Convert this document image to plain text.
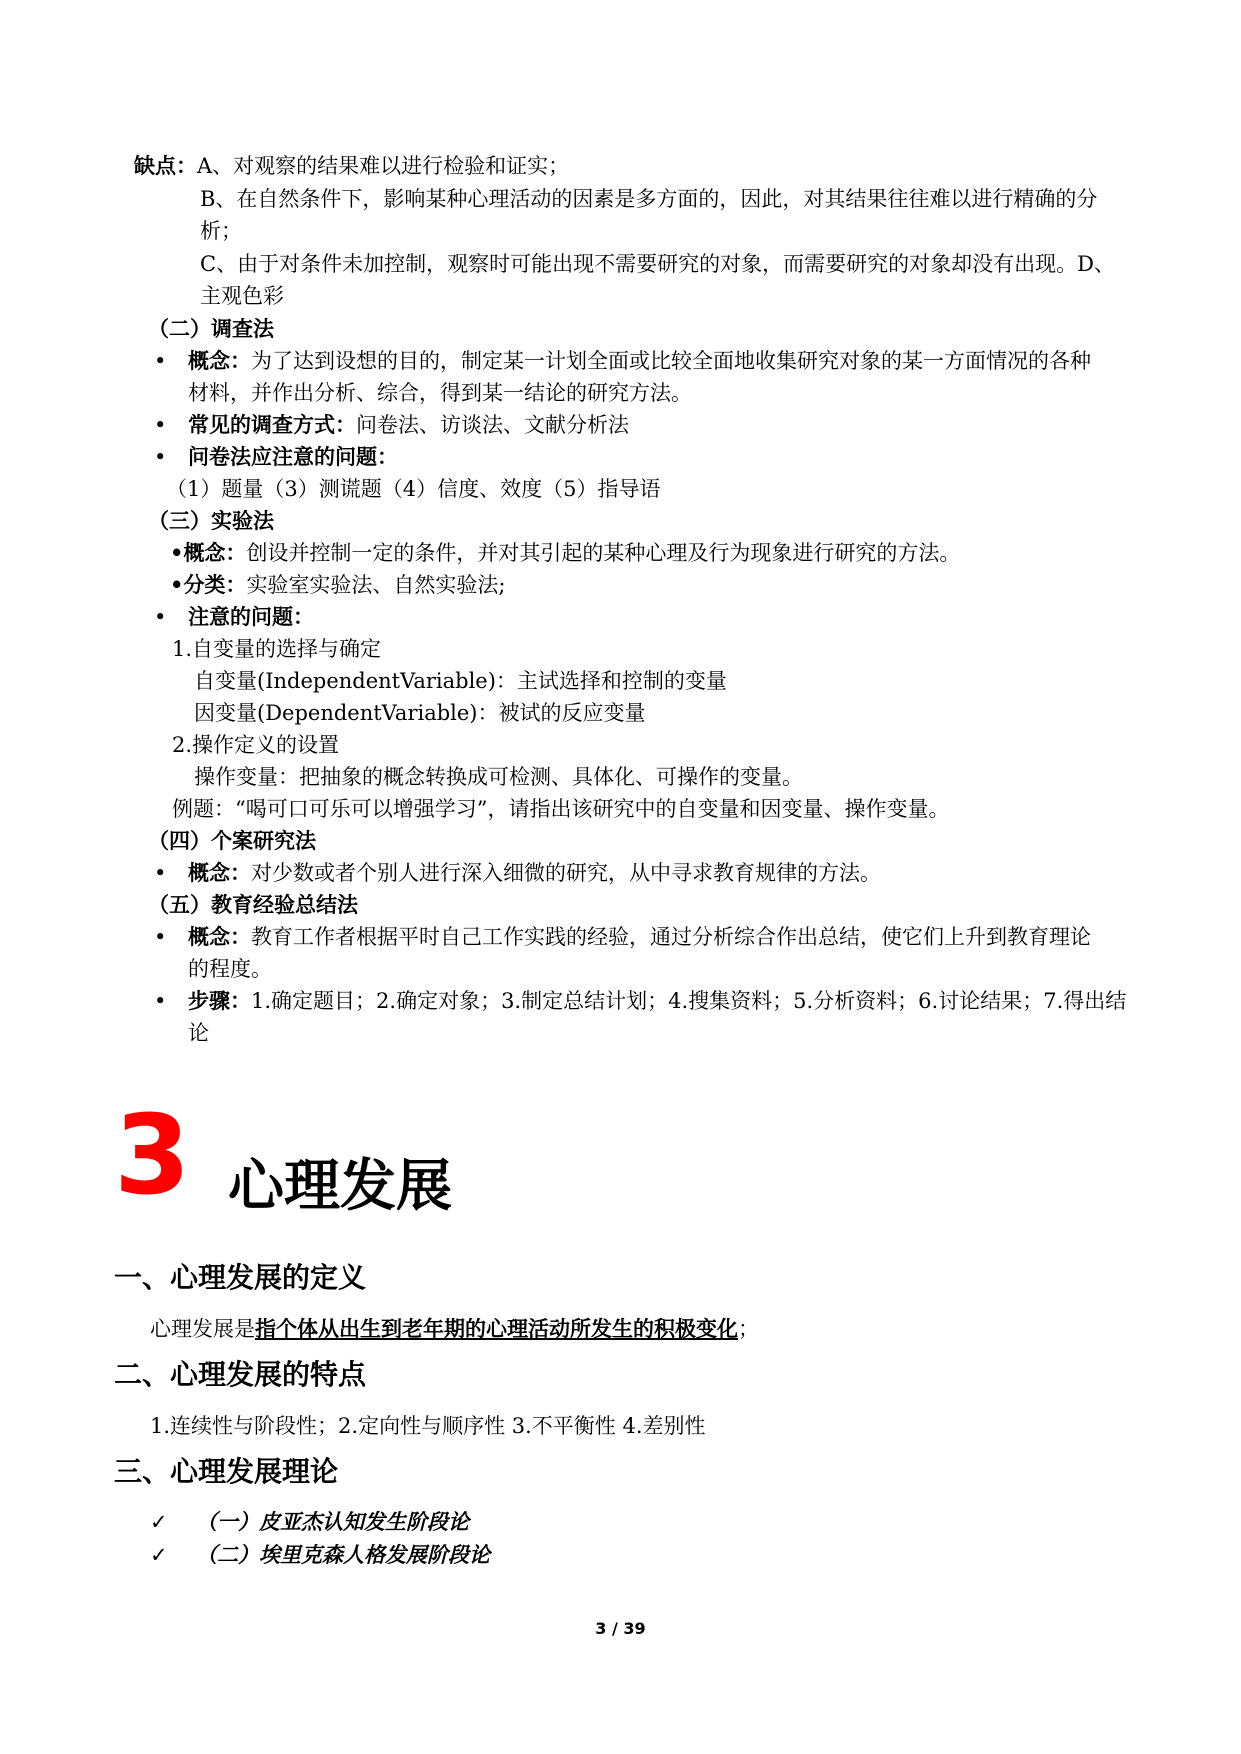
缺点：A、对观察的结果难以进行检验和证实；
B、在自然条件下，影响某种心理活动的因素是多方面的，因此，对其结果往往难以进行精确的分
析；
C、由于对条件未加控制，观察时可能出现不需要研究的对象，而需要研究的对象却没有出现。D、
主观色彩
（二）调查法
• 概念：为了达到设想的目的，制定某一计划全面或比较全面地收集研究对象的某一方面情况的各种
材料，并作出分析、综合，得到某一结论的研究方法。
• 常见的调查方式：问卷法、访谈法、文献分析法
• 问卷法应注意的问题：
（1）题量（3）测谎题（4）信度、效度（5）指导语
（三）实验法
•概念：创设并控制一定的条件，并对其引起的某种心理及行为现象进行研究的方法。
•分类：实验室实验法、自然实验法;
• 注意的问题：
1.自变量的选择与确定
自变量(IndependentVariable)：主试选择和控制的变量
因变量(DependentVariable)：被试的反应变量
2.操作定义的设置
操作变量：把抽象的概念转换成可检测、具体化、可操作的变量。
例题：“喝可口可乐可以增强学习”，请指出该研究中的自变量和因变量、操作变量。
（四）个案研究法
• 概念：对少数或者个别人进行深入细微的研究，从中寻求教育规律的方法。
（五）教育经验总结法
• 概念：教育工作者根据平时自己工作实践的经验，通过分析综合作出总结，使它们上升到教育理论
的程度。
• 步骤：1.确定题目；2.确定对象；3.制定总结计划；4.搜集资料；5.分析资料；6.讨论结果；7.得出结
论
3 心理发展
一、心理发展的定义
心理发展是指个体从出生到老年期的心理活动所发生的积极变化；
二、心理发展的特点
1.连续性与阶段性；2.定向性与顺序性 3.不平衡性 4.差别性
三、心理发展理论
✓ （一）皮亚杰认知发生阶段论
✓ （二）埃里克森人格发展阶段论
3 / 39
